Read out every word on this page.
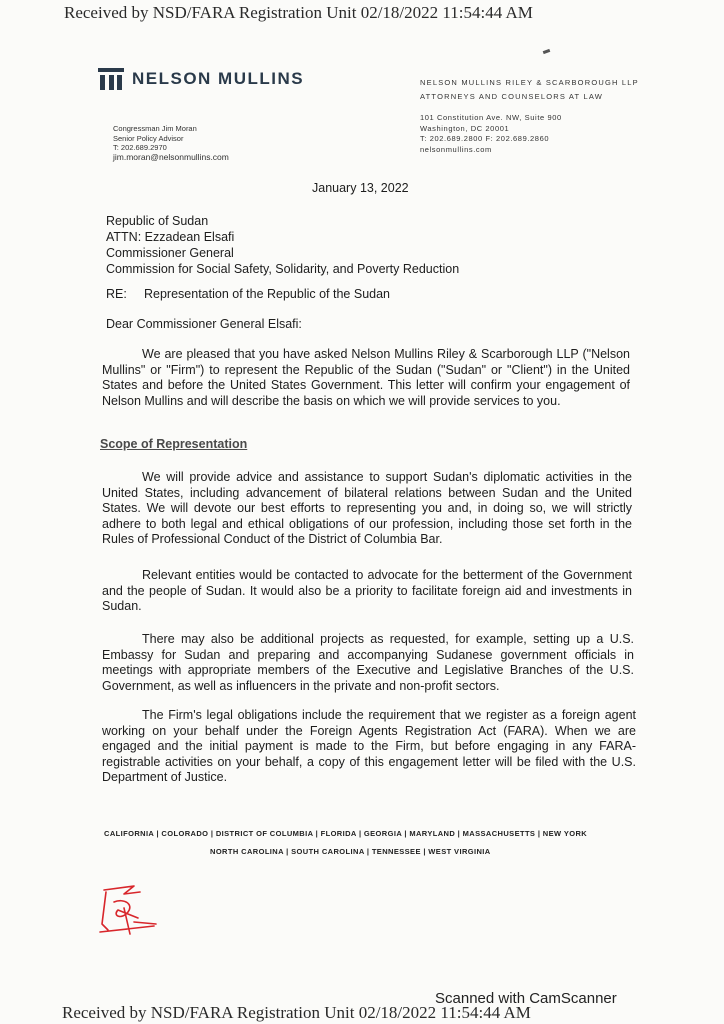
Received by NSD/FARA Registration Unit 02/18/2022 11:54:44 AM
NELSON MULLINS	NELSON MULLINS RILEY & SCARBOROUGH LLP
ATTORNEYS AND COUNSELORS AT LAW
101 Constitution Ave. NW, Suite 900
Washington, DC 20001
T: 202.689.2800 F: 202.689.2860
nelsonmullins.com
Congressman Jim Moran
Senior Policy Advisor
T: 202.689.2970
jim.moran@nelsonmullins.com
January 13, 2022
Republic of Sudan
ATTN: Ezzadean Elsafi
Commissioner General
Commission for Social Safety, Solidarity, and Poverty Reduction
RE: Representation of the Republic of the Sudan
Dear Commissioner General Elsafi:
We are pleased that you have asked Nelson Mullins Riley & Scarborough LLP ("Nelson Mullins" or "Firm") to represent the Republic of the Sudan ("Sudan" or "Client") in the United States and before the United States Government. This letter will confirm your engagement of Nelson Mullins and will describe the basis on which we will provide services to you.
Scope of Representation
We will provide advice and assistance to support Sudan's diplomatic activities in the United States, including advancement of bilateral relations between Sudan and the United States. We will devote our best efforts to representing you and, in doing so, we will strictly adhere to both legal and ethical obligations of our profession, including those set forth in the Rules of Professional Conduct of the District of Columbia Bar.
Relevant entities would be contacted to advocate for the betterment of the Government and the people of Sudan. It would also be a priority to facilitate foreign aid and investments in Sudan.
There may also be additional projects as requested, for example, setting up a U.S. Embassy for Sudan and preparing and accompanying Sudanese government officials in meetings with appropriate members of the Executive and Legislative Branches of the U.S. Government, as well as influencers in the private and non-profit sectors.
The Firm's legal obligations include the requirement that we register as a foreign agent working on your behalf under the Foreign Agents Registration Act (FARA). When we are engaged and the initial payment is made to the Firm, but before engaging in any FARA-registrable activities on your behalf, a copy of this engagement letter will be filed with the U.S. Department of Justice.
CALIFORNIA | COLORADO | DISTRICT OF COLUMBIA | FLORIDA | GEORGIA | MARYLAND | MASSACHUSETTS | NEW YORK
NORTH CAROLINA | SOUTH CAROLINA | TENNESSEE | WEST VIRGINIA
Scanned with CamScanner
Received by NSD/FARA Registration Unit 02/18/2022 11:54:44 AM
